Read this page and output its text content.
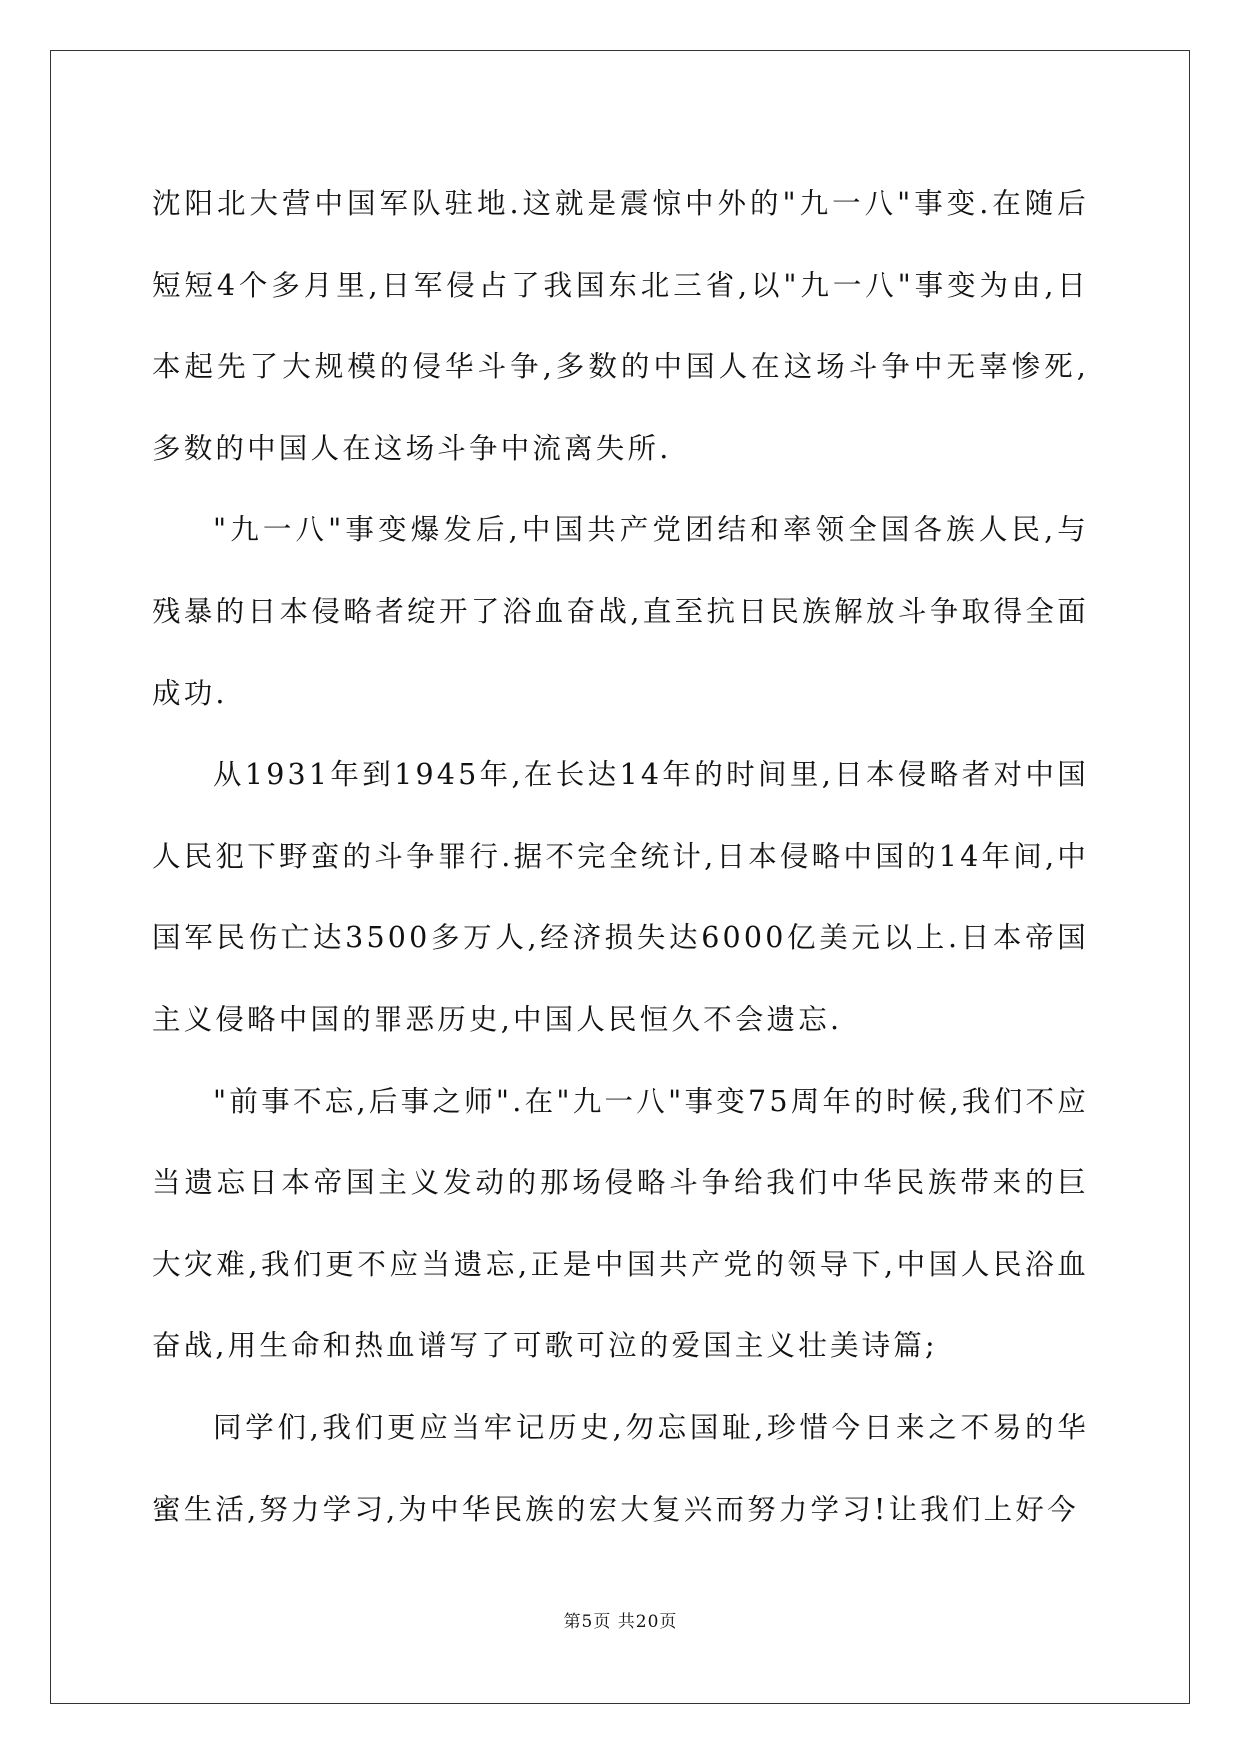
沈阳北大营中国军队驻地.这就是震惊中外的"九一八"事变.在随后短短4个多月里,日军侵占了我国东北三省,以"九一八"事变为由,日本起先了大规模的侵华斗争,多数的中国人在这场斗争中无辜惨死,多数的中国人在这场斗争中流离失所.

"九一八"事变爆发后,中国共产党团结和率领全国各族人民,与残暴的日本侵略者绽开了浴血奋战,直至抗日民族解放斗争取得全面成功.

从1931年到1945年,在长达14年的时间里,日本侵略者对中国人民犯下野蛮的斗争罪行.据不完全统计,日本侵略中国的14年间,中国军民伤亡达3500多万人,经济损失达6000亿美元以上.日本帝国主义侵略中国的罪恶历史,中国人民恒久不会遗忘.

"前事不忘,后事之师".在"九一八"事变75周年的时候,我们不应当遗忘日本帝国主义发动的那场侵略斗争给我们中华民族带来的巨大灾难,我们更不应当遗忘,正是中国共产党的领导下,中国人民浴血奋战,用生命和热血谱写了可歌可泣的爱国主义壮美诗篇;

同学们,我们更应当牢记历史,勿忘国耻,珍惜今日来之不易的华蜜生活,努力学习,为中华民族的宏大复兴而努力学习!让我们上好今

第5页 共20页
